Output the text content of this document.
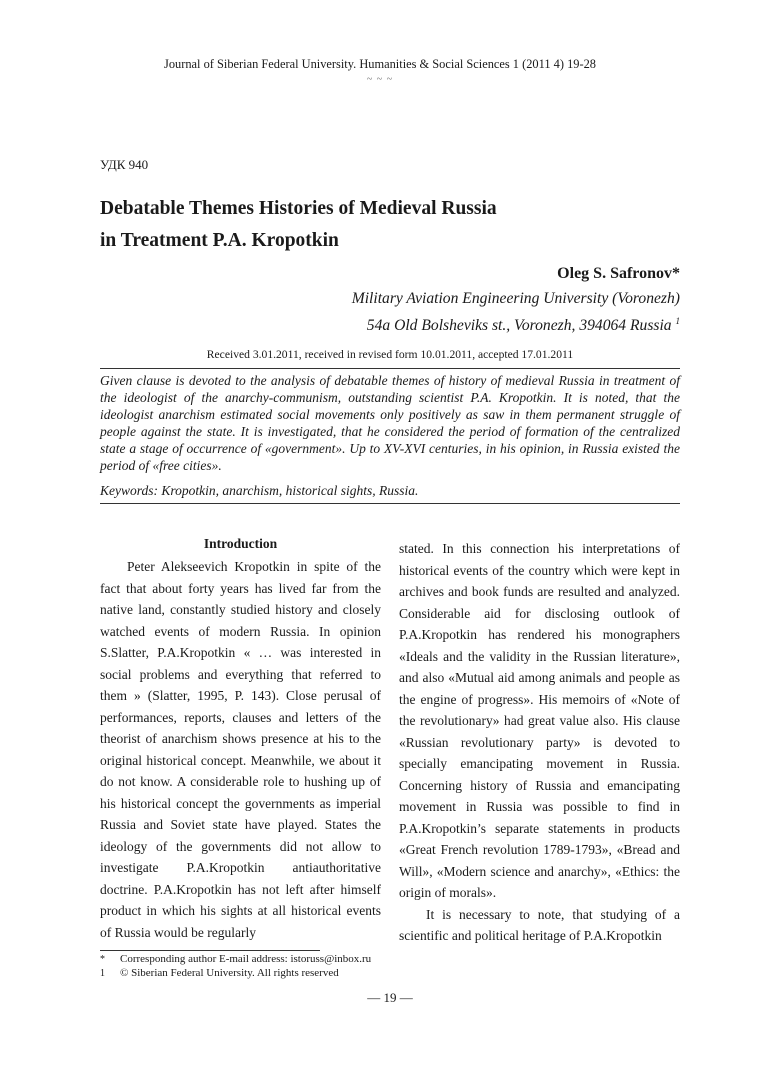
Journal of Siberian Federal University. Humanities & Social Sciences 1 (2011 4) 19-28
~ ~ ~
УДК 940
Debatable Themes Histories of Medieval Russia
in Treatment P.A. Kropotkin
Oleg S. Safronov*
Military Aviation Engineering University (Voronezh)
54a Old Bolsheviks st., Voronezh, 394064 Russia $^1$
Received 3.01.2011, received in revised form 10.01.2011, accepted 17.01.2011
Given clause is devoted to the analysis of debatable themes of history of medieval Russia in treatment of the ideologist of the anarchy-communism, outstanding scientist P.A. Kropotkin. It is noted, that the ideologist anarchism estimated social movements only positively as saw in them permanent struggle of people against the state. It is investigated, that he considered the period of formation of the centralized state a stage of occurrence of «government». Up to XV-XVI centuries, in his opinion, in Russia existed the period of «free cities».
Keywords: Kropotkin, anarchism, historical sights, Russia.
Introduction

Peter Alekseevich Kropotkin in spite of the fact that about forty years has lived far from the native land, constantly studied history and closely watched events of modern Russia. In opinion S.Slatter, P.A.Kropotkin « … was interested in social problems and everything that referred to them » (Slatter, 1995, P. 143). Close perusal of performances, reports, clauses and letters of the theorist of anarchism shows presence at his to the original historical concept. Meanwhile, we about it do not know. A considerable role to hushing up of his historical concept the governments as imperial Russia and Soviet state have played. States the ideology of the governments did not allow to investigate P.A.Kropotkin antiauthoritative doctrine. P.A.Kropotkin has not left after himself product in which his sights at all historical events of Russia would be regularly

stated. In this connection his interpretations of historical events of the country which were kept in archives and book funds are resulted and analyzed. Considerable aid for disclosing outlook of P.A.Kropotkin has rendered his monographers «Ideals and the validity in the Russian literature», and also «Mutual aid among animals and people as the engine of progress». His memoirs of «Note of the revolutionary» had great value also. His clause «Russian revolutionary party» is devoted to specially emancipating movement in Russia. Concerning history of Russia and emancipating movement in Russia was possible to find in P.A.Kropotkin’s separate statements in products «Great French revolution 1789-1793», «Bread and Will», «Modern science and anarchy», «Ethics: the origin of morals».

It is necessary to note, that studying of a scientific and political heritage of P.A.Kropotkin

*	Corresponding author E-mail address: istoruss@inbox.ru
1	© Siberian Federal University. All rights reserved
— 19 —
